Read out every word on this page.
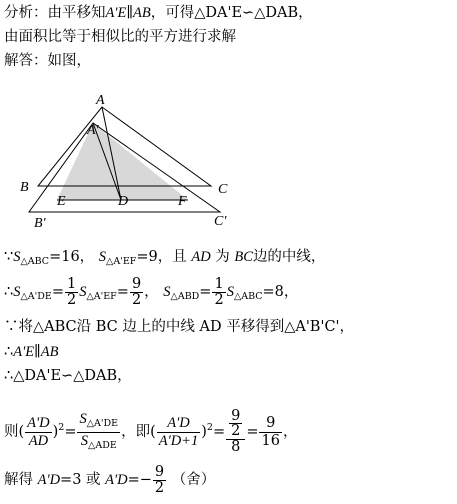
分析：由平移知A'E∥AB，可得△DA'E∽△DAB，
由面积比等于相似比的平方进行求解
解答：如图，
A
A'
B	C
E	D	F
B'	C'
$\because S_{\triangle ABC}=16$， $S_{\triangle A'EF}=9$，且 AD 为 BC边的中线，
$\therefore S_{\triangle A'DE}= \frac{1}{2} S_{\triangle A'EF}= \frac{9}{2}$ ， $S_{\triangle ABD}= \frac{1}{2} S_{\triangle ABC}=8$，
∵将△ABC沿 BC 边上的中线 AD 平移得到△A'B'C'，
∴A'E∥AB
∴△DA'E∽△DAB，
则( $\frac{A'D}{AD} )^2= \frac{S_{\triangle A'DE}}{S_{\triangle ADE}}$ ，即( $\frac{A'D}{A'D+1} )^2= \frac{\frac{9}{2}}{8} = \frac{9}{16}$ ，
解得 A'D=3 或 $A'D=- \frac{9}{2}$ （舍）
